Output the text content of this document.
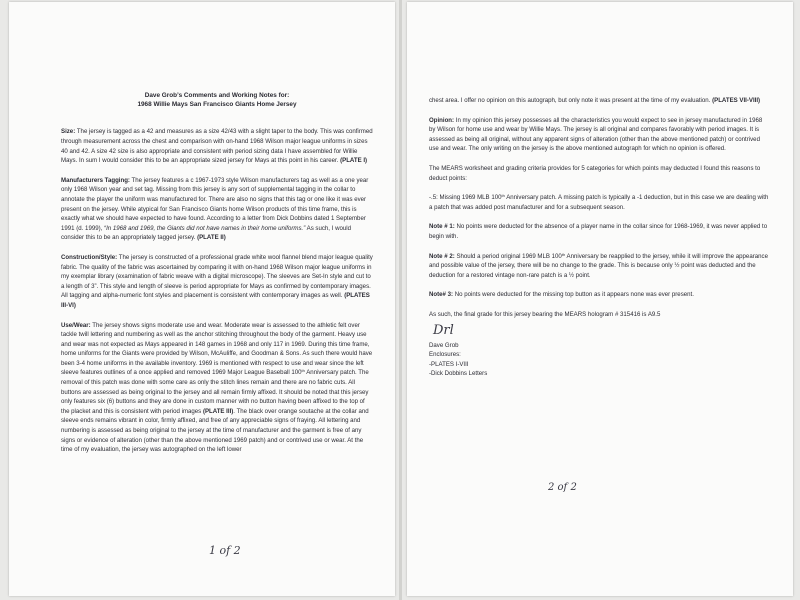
Dave Grob’s Comments and Working Notes for:

1968 Willie Mays San Francisco Giants Home Jersey

Size: The jersey is tagged as a 42 and measures as a size 42/43 with a slight taper to the body. This was confirmed through measurement across the chest and comparison with on-hand 1968 Wilson major league uniforms in sizes 40 and 42. A size 42 size is also appropriate and consistent with period sizing data I have assembled for Willie Mays. In sum I would consider this to be an appropriate sized jersey for Mays at this point in his career. (PLATE I)

Manufacturers Tagging: The jersey features a c 1967-1973 style Wilson manufacturers tag as well as a one year only 1968 Wilson year and set tag. Missing from this jersey is any sort of supplemental tagging in the collar to annotate the player the uniform was manufactured for. There are also no signs that this tag or one like it was ever present on the jersey. While atypical for San Francisco Giants home Wilson products of this time frame, this is exactly what we should have expected to have found. According to a letter from Dick Dobbins dated 1 September 1991 (d. 1999), “In 1968 and 1969, the Giants did not have names in their home uniforms.” As such, I would consider this to be an appropriately tagged jersey. (PLATE II)

Construction/Style: The jersey is constructed of a professional grade white wool flannel blend major league quality fabric. The quality of the fabric was ascertained by comparing it with on-hand 1968 Wilson major league uniforms in my exemplar library (examination of fabric weave with a digital microscope). The sleeves are Set-In style and cut to a length of 3”. This style and length of sleeve is period appropriate for Mays as confirmed by contemporary images. All tagging and alpha-numeric font styles and placement is consistent with contemporary images as well. (PLATES III-VI)

Use/Wear: The jersey shows signs moderate use and wear. Moderate wear is assessed to the athletic felt over tackle twill lettering and numbering as well as the anchor stitching throughout the body of the garment. Heavy use and wear was not expected as Mays appeared in 148 games in 1968 and only 117 in 1969. During this time frame, home uniforms for the Giants were provided by Wilson, McAuliffe, and Goodman & Sons. As such there would have been 3-4 home uniforms in the available inventory. 1969 is mentioned with respect to use and wear since the left sleeve features outlines of a once applied and removed 1969 Major League Baseball 100th Anniversary patch. The removal of this patch was done with some care as only the stitch lines remain and there are no fabric cuts. All buttons are assessed as being original to the jersey and all remain firmly affixed. It should be noted that this jersey only features six (6) buttons and they are done in custom manner with no button having been affixed to the top of the placket and this is consistent with period images (PLATE III). The black over orange soutache at the collar and sleeve ends remains vibrant in color, firmly affixed, and free of any appreciable signs of fraying. All lettering and numbering is assessed as being original to the jersey at the time of manufacturer and the garment is free of any signs or evidence of alteration (other than the above mentioned 1969 patch) and or contrived use or wear. At the time of my evaluation, the jersey was autographed on the left lower

1 of 2

chest area. I offer no opinion on this autograph, but only note it was present at the time of my evaluation. (PLATES VII-VIII)

Opinion: In my opinion this jersey possesses all the characteristics you would expect to see in jersey manufactured in 1968 by Wilson for home use and wear by Willie Mays. The jersey is all original and compares favorably with period images. It is assessed as being all original, without any apparent signs of alteration (other than the above mentioned patch) or contrived use and wear. The only writing on the jersey is the above mentioned autograph for which no opinion is offered.

The MEARS worksheet and grading criteria provides for 5 categories for which points may deducted I found this reasons to deduct points:

-.5: Missing 1969 MLB 100th Anniversary patch. A missing patch is typically a -1 deduction, but in this case we are dealing with a patch that was added post manufacturer and for a subsequent season.

Note # 1: No points were deducted for the absence of a player name in the collar since for 1968-1969, it was never applied to begin with.

Note # 2: Should a period original 1969 MLB 100th Anniversary be reapplied to the jersey, while it will improve the appearance and possible value of the jersey, there will be no change to the grade. This is because only ½ point was deducted and the deduction for a restored vintage non-rare patch is a ½ point.

Note# 3: No points were deducted for the missing top button as it appears none was ever present.

As such, the final grade for this jersey bearing the MEARS hologram # 315416 is A9.5

Drl

Dave Grob

Enclosures:

-PLATES I-VIII

-Dick Dobbins Letters

2 of 2
